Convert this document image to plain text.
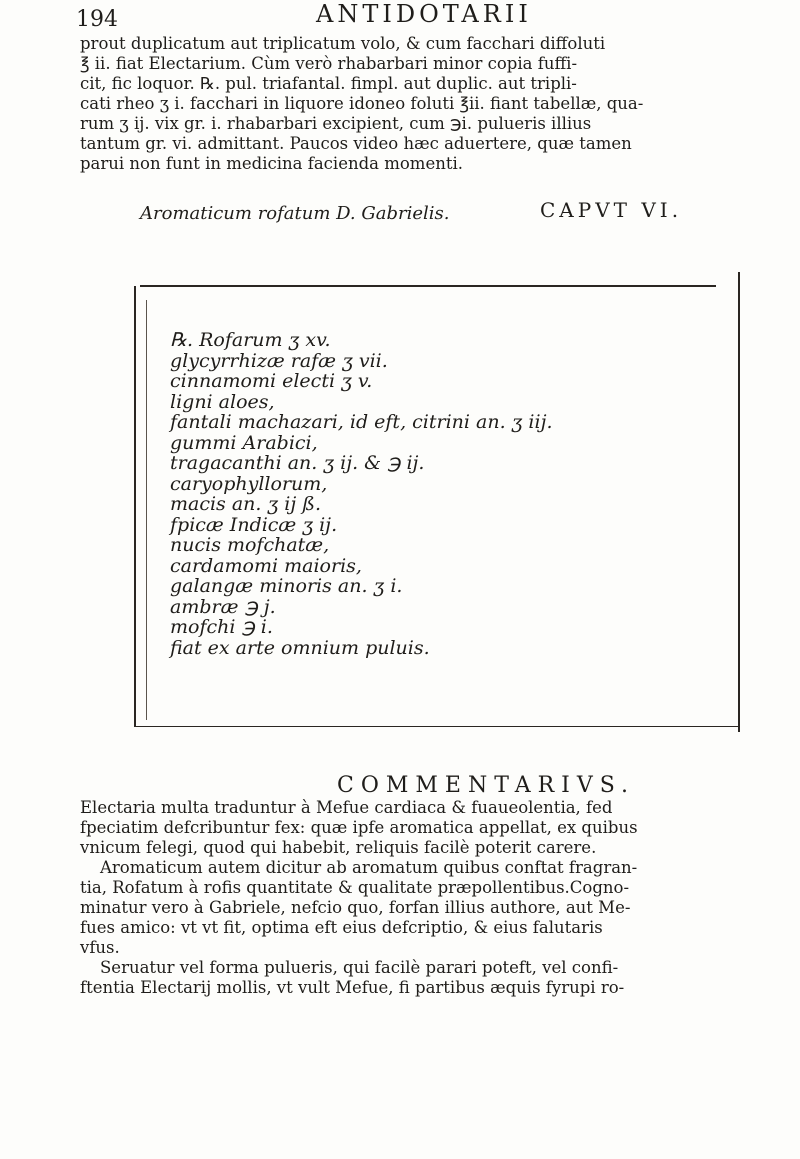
194	ANTIDOTARII

prout duplicatum aut triplicatum volo, & cum facchari diffoluti
℥ ii. fiat Electarium. Cùm verò rhabarbari minor copia fuffi-
cit, fic loquor. ℞. pul. triafantal. fimpl. aut duplic. aut tripli-
cati rheo ʒ i. facchari in liquore idoneo foluti ℥ii. fiant tabellæ, qua-
rum ʒ ij. vix gr. i. rhabarbari excipient, cum ℈i. pulueris illius
tantum gr. vi. admittant. Paucos video hæc aduertere, quæ tamen
parui non funt in medicina facienda momenti.

Aromaticum rofatum D. Gabrielis.	CAPVT VI.
℞. Rofarum ʒ xv.
glycyrrhizæ rafæ ʒ vii.
cinnamomi electi ʒ v.
ligni aloes,
fantali machazari, id eft, citrini an. ʒ iij.
gummi Arabici,
tragacanthi an. ʒ ij. & ℈ ij.
caryophyllorum,
macis an. ʒ ij ß.
fpicæ Indicæ ʒ ij.
nucis mofchatæ,
cardamomi maioris,
galangæ minoris an. ʒ i.
ambræ ℈ j.
mofchi ℈ i.
fiat ex arte omnium puluis.
COMMENTARIVS.

Electaria multa traduntur à Mefue cardiaca & fuaueolentia, fed
fpeciatim defcribuntur fex: quæ ipfe aromatica appellat, ex quibus
vnicum felegi, quod qui habebit, reliquis facilè poterit carere.
Aromaticum autem dicitur ab aromatum quibus conftat fragran-
tia, Rofatum à rofis quantitate & qualitate præpollentibus.Cogno-
minatur vero à Gabriele, nefcio quo, forfan illius authore, aut Me-
fues amico: vt vt fit, optima eft eius defcriptio, & eius falutaris
vfus.
Seruatur vel forma pulueris, qui facilè parari poteft, vel confi-
ftentia Electarij mollis, vt vult Mefue, fi partibus æquis fyrupi ro-
